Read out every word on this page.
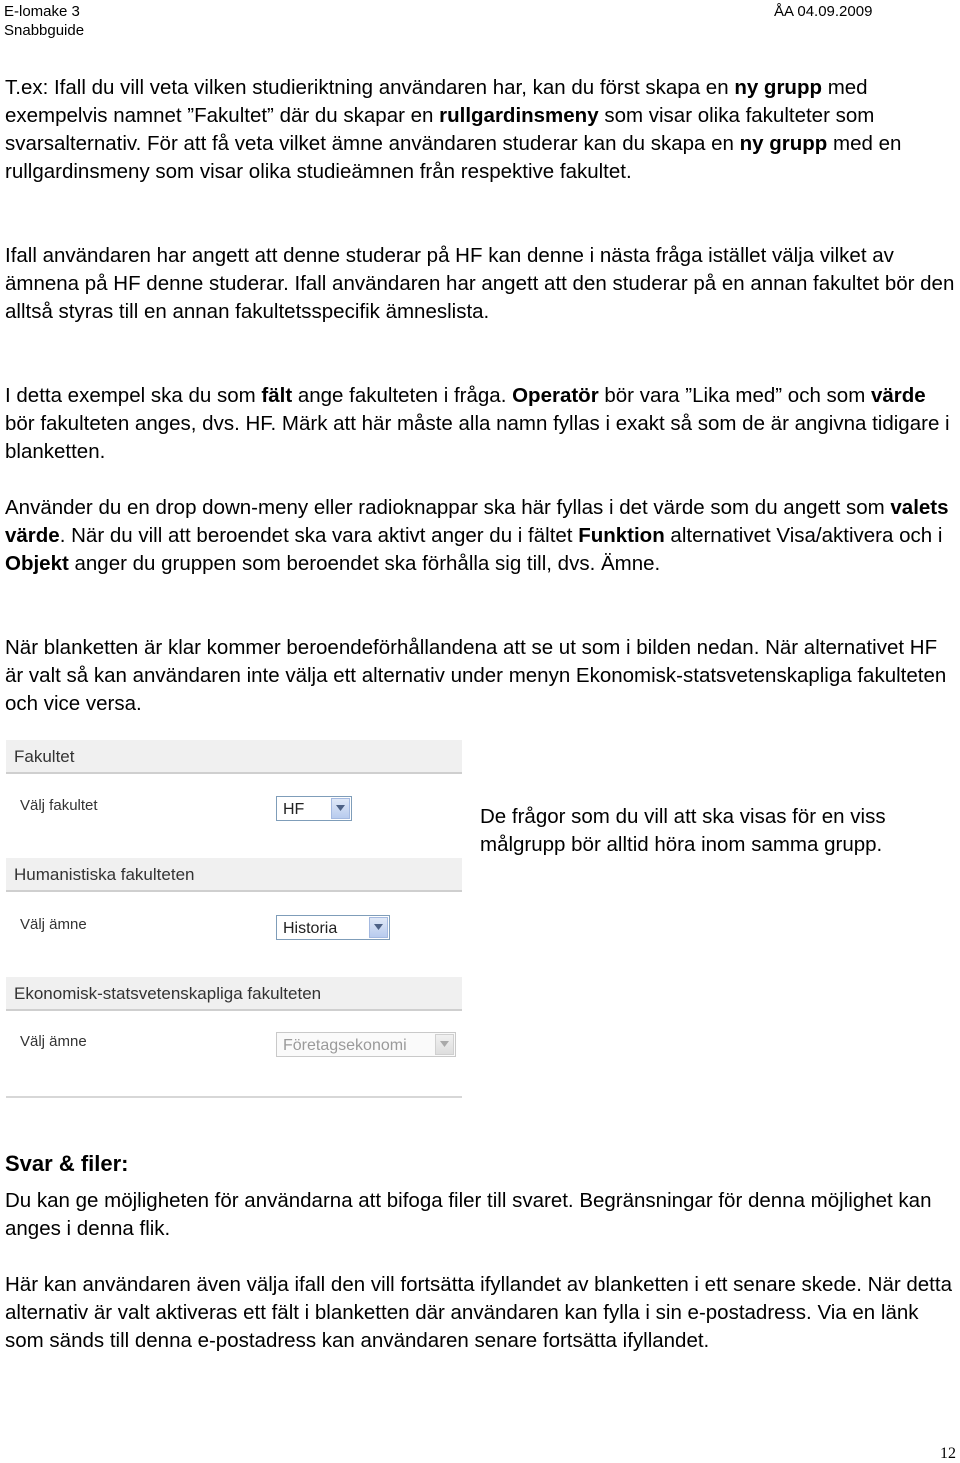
E-lomake 3
Snabbguide
ÅA 04.09.2009

T.ex: Ifall du vill veta vilken studieriktning användaren har, kan du först skapa en ny grupp med exempelvis namnet ”Fakultet” där du skapar en rullgardinsmeny som visar olika fakulteter som svarsalternativ. För att få veta vilket ämne användaren studerar kan du skapa en ny grupp med en rullgardinsmeny som visar olika studieämnen från respektive fakultet.

Ifall användaren har angett att denne studerar på HF kan denne i nästa fråga istället välja vilket av ämnena på HF denne studerar. Ifall användaren har angett att den studerar på en annan fakultet bör den alltså styras till en annan fakultetsspecifik ämneslista.

I detta exempel ska du som fält ange fakulteten i fråga. Operatör bör vara ”Lika med” och som värde bör fakulteten anges, dvs. HF. Märk att här måste alla namn fyllas i exakt så som de är angivna tidigare i blanketten.

Använder du en drop down-meny eller radioknappar ska här fyllas i det värde som du angett som valets värde. När du vill att beroendet ska vara aktivt anger du i fältet Funktion alternativet Visa/aktivera och i Objekt anger du gruppen som beroendet ska förhålla sig till, dvs. Ämne.

När blanketten är klar kommer beroendeförhållandena att se ut som i bilden nedan. När alternativet HF är valt så kan användaren inte välja ett alternativ under menyn Ekonomisk-statsvetenskapliga fakulteten och vice versa.

Fakultet
Välj fakultet	HF
Humanistiska fakulteten
Välj ämne	Historia
Ekonomisk-statsvetenskapliga fakulteten
Välj ämne	Företagsekonomi

De frågor som du vill att ska visas för en viss målgrupp bör alltid höra inom samma grupp.

Svar & filer:

Du kan ge möjligheten för användarna att bifoga filer till svaret. Begränsningar för denna möjlighet kan anges i denna flik.

Här kan användaren även välja ifall den vill fortsätta ifyllandet av blanketten i ett senare skede. När detta alternativ är valt aktiveras ett fält i blanketten där användaren kan fylla i sin e-postadress. Via en länk som sänds till denna e-postadress kan användaren senare fortsätta ifyllandet.

12
